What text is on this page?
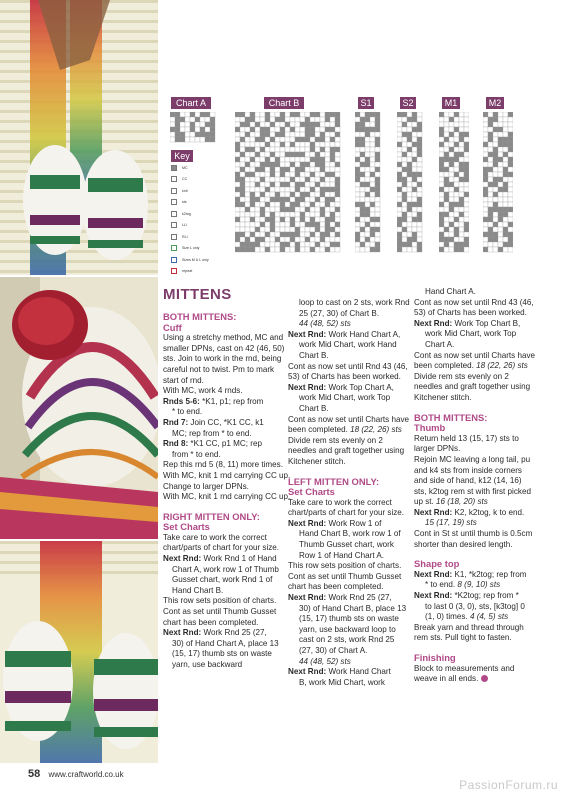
Chart A	Chart B	S1	S2	M1	M2
Key
MC
CC
knit
sts
k2tog
LLI
RLI
Size L only
Sizes M & L only
repeat
MITTENS
BOTH MITTENS:
Cuff

Using a stretchy method, MC and smaller DPNs, cast on 42 (46, 50) sts. Join to work in the rnd, being careful not to twist. Pm to mark start of rnd.

With MC, work 4 rnds.

Rnds 5-6: *K1, p1; rep from

* to end.

Rnd 7: Join CC, *K1 CC, k1

MC; rep from * to end.

Rnd 8: *K1 CC, p1 MC; rep

from * to end.

Rep this rnd 5 (8, 11) more times.

With MC, knit 1 rnd carrying CC up.

Change to larger DPNs.

With MC, knit 1 rnd carrying CC up.

RIGHT MITTEN ONLY:
Set Charts

Take care to work the correct chart/parts of chart for your size.

Next Rnd: Work Rnd 1 of Hand

Chart A, work row 1 of Thumb Gusset chart, work Rnd 1 of Hand Chart B.

This row sets position of charts.

Cont as set until Thumb Gusset chart has been completed.

Next Rnd: Work Rnd 25 (27,

30) of Hand Chart A, place 13 (15, 17) thumb sts on waste yarn, use backward

loop to cast on 2 sts, work Rnd 25 (27, 30) of Chart B.

44 (48, 52) sts

Next Rnd: Work Hand Chart A,

work Mid Chart, work Hand Chart B.

Cont as now set until Rnd 43 (46, 53) of Charts has been worked.

Next Rnd: Work Top Chart A,

work Mid Chart, work Top Chart B.

Cont as now set until Charts have been completed. 18 (22, 26) sts

Divide rem sts evenly on 2 needles and graft together using Kitchener stitch.

LEFT MITTEN ONLY:
Set Charts

Take care to work the correct chart/parts of chart for your size.

Next Rnd: Work Row 1 of

Hand Chart B, work row 1 of Thumb Gusset chart, work Row 1 of Hand Chart A.

This row sets position of charts.

Cont as set until Thumb Gusset chart has been completed.

Next Rnd: Work Rnd 25 (27,

30) of Hand Chart B, place 13 (15, 17) thumb sts on waste yarn, use backward loop to cast on 2 sts, work Rnd 25 (27, 30) of Chart A.

44 (48, 52) sts

Next Rnd: Work Hand Chart

B, work Mid Chart, work

Hand Chart A.

Cont as now set until Rnd 43 (46, 53) of Charts has been worked.

Next Rnd: Work Top Chart B,

work Mid Chart, work Top Chart A.

Cont as now set until Charts have been completed. 18 (22, 26) sts

Divide rem sts evenly on 2 needles and graft together using Kitchener stitch.

BOTH MITTENS:
Thumb

Return held 13 (15, 17) sts to larger DPNs.

Rejoin MC leaving a long tail, pu and k4 sts from inside corners and side of hand, k12 (14, 16) sts, k2tog rem st with first picked up st. 16 (18, 20) sts

Next Rnd: K2, k2tog, k to end.

15 (17, 19) sts

Cont in St st until thumb is 0.5cm shorter than desired length.

Shape top

Next Rnd: K1, *k2tog; rep from

* to end. 8 (9, 10) sts

Next Rnd: *K2tog; rep from *

to last 0 (3, 0), sts, [k3tog] 0 (1, 0) times. 4 (4, 5) sts

Break yarn and thread through rem sts. Pull tight to fasten.

Finishing

Block to measurements and weave in all ends.

58 www.craftworld.co.uk
PassionForum.ru
